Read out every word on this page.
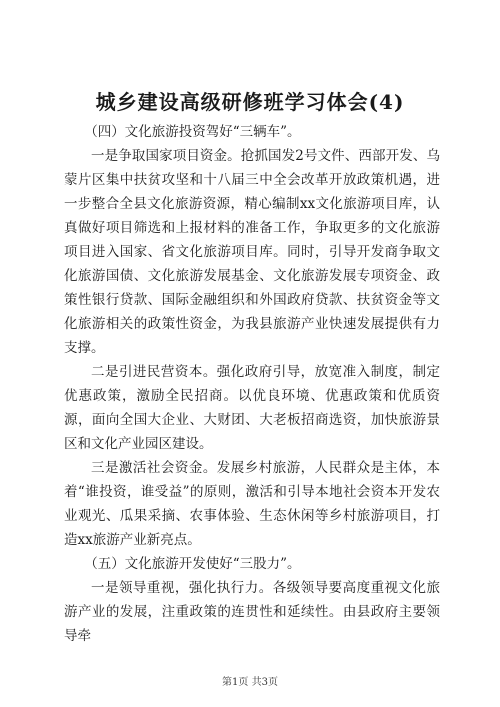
城乡建设高级研修班学习体会(4)

（四）文化旅游投资驾好“三辆车”。

一是争取国家项目资金。抢抓国发2号文件、西部开发、乌蒙片区集中扶贫攻坚和十八届三中全会改革开放政策机遇，进一步整合全县文化旅游资源，精心编制xx文化旅游项目库，认真做好项目筛选和上报材料的准备工作，争取更多的文化旅游项目进入国家、省文化旅游项目库。同时，引导开发商争取文化旅游国债、文化旅游发展基金、文化旅游发展专项资金、政策性银行贷款、国际金融组织和外国政府贷款、扶贫资金等文化旅游相关的政策性资金，为我县旅游产业快速发展提供有力支撑。

二是引进民营资本。强化政府引导，放宽准入制度，制定优惠政策，激励全民招商。以优良环境、优惠政策和优质资源，面向全国大企业、大财团、大老板招商选资，加快旅游景区和文化产业园区建设。

三是激活社会资金。发展乡村旅游，人民群众是主体，本着“谁投资，谁受益”的原则，激活和引导本地社会资本开发农业观光、瓜果采摘、农事体验、生态休闲等乡村旅游项目，打造xx旅游产业新亮点。

（五）文化旅游开发使好“三股力”。

一是领导重视，强化执行力。各级领导要高度重视文化旅游产业的发展，注重政策的连贯性和延续性。由县政府主要领导牵

第1页 共3页
